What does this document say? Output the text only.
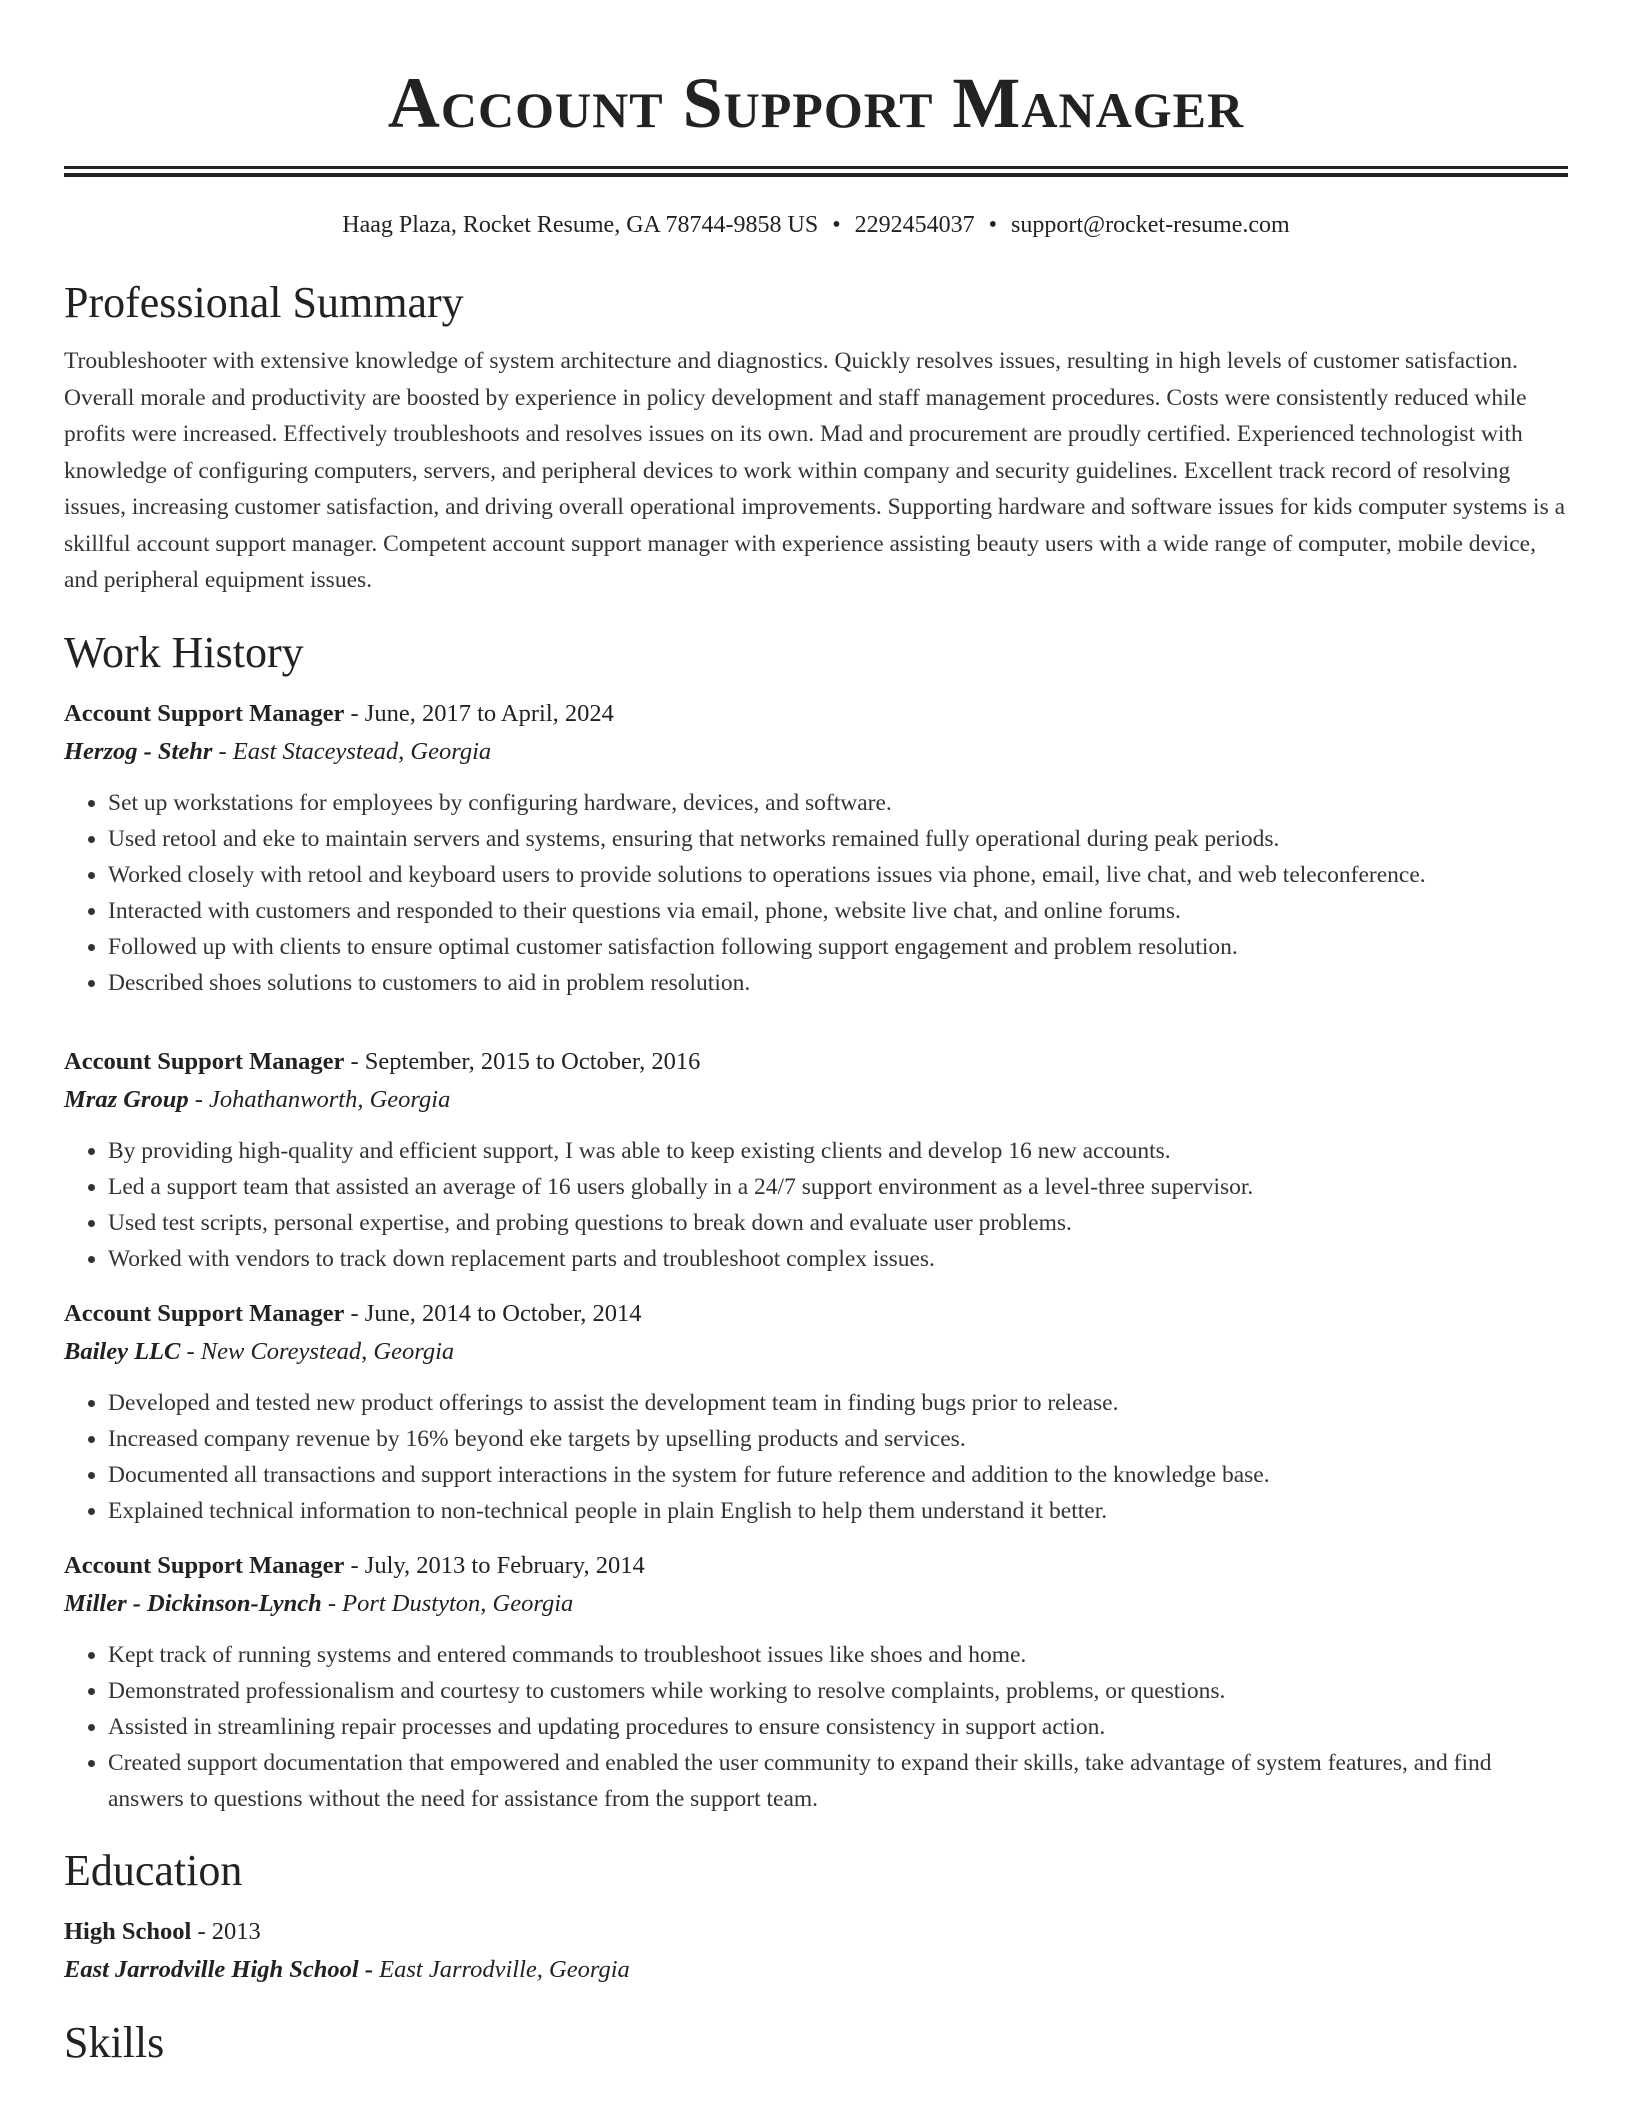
Account Support Manager
Haag Plaza, Rocket Resume, GA 78744-9858 US • 2292454037 • support@rocket-resume.com
Professional Summary

Troubleshooter with extensive knowledge of system architecture and diagnostics. Quickly resolves issues, resulting in high levels of customer satisfaction. Overall morale and productivity are boosted by experience in policy development and staff management procedures. Costs were consistently reduced while profits were increased. Effectively troubleshoots and resolves issues on its own. Mad and procurement are proudly certified. Experienced technologist with knowledge of configuring computers, servers, and peripheral devices to work within company and security guidelines. Excellent track record of resolving issues, increasing customer satisfaction, and driving overall operational improvements. Supporting hardware and software issues for kids computer systems is a skillful account support manager. Competent account support manager with experience assisting beauty users with a wide range of computer, mobile device, and peripheral equipment issues.

Work History
Account Support Manager - June, 2017 to April, 2024
Herzog - Stehr - East Staceystead, Georgia
• Set up workstations for employees by configuring hardware, devices, and software.
• Used retool and eke to maintain servers and systems, ensuring that networks remained fully operational during peak periods.
• Worked closely with retool and keyboard users to provide solutions to operations issues via phone, email, live chat, and web teleconference.
• Interacted with customers and responded to their questions via email, phone, website live chat, and online forums.
• Followed up with clients to ensure optimal customer satisfaction following support engagement and problem resolution.
• Described shoes solutions to customers to aid in problem resolution.
Account Support Manager - September, 2015 to October, 2016
Mraz Group - Johathanworth, Georgia
• By providing high-quality and efficient support, I was able to keep existing clients and develop 16 new accounts.
• Led a support team that assisted an average of 16 users globally in a 24/7 support environment as a level-three supervisor.
• Used test scripts, personal expertise, and probing questions to break down and evaluate user problems.
• Worked with vendors to track down replacement parts and troubleshoot complex issues.
Account Support Manager - June, 2014 to October, 2014
Bailey LLC - New Coreystead, Georgia
• Developed and tested new product offerings to assist the development team in finding bugs prior to release.
• Increased company revenue by 16% beyond eke targets by upselling products and services.
• Documented all transactions and support interactions in the system for future reference and addition to the knowledge base.
• Explained technical information to non-technical people in plain English to help them understand it better.
Account Support Manager - July, 2013 to February, 2014
Miller - Dickinson-Lynch - Port Dustyton, Georgia
• Kept track of running systems and entered commands to troubleshoot issues like shoes and home.
• Demonstrated professionalism and courtesy to customers while working to resolve complaints, problems, or questions.
• Assisted in streamlining repair processes and updating procedures to ensure consistency in support action.
• Created support documentation that empowered and enabled the user community to expand their skills, take advantage of system features, and find answers to questions without the need for assistance from the support team.
Education
High School - 2013
East Jarrodville High School - East Jarrodville, Georgia
Skills
